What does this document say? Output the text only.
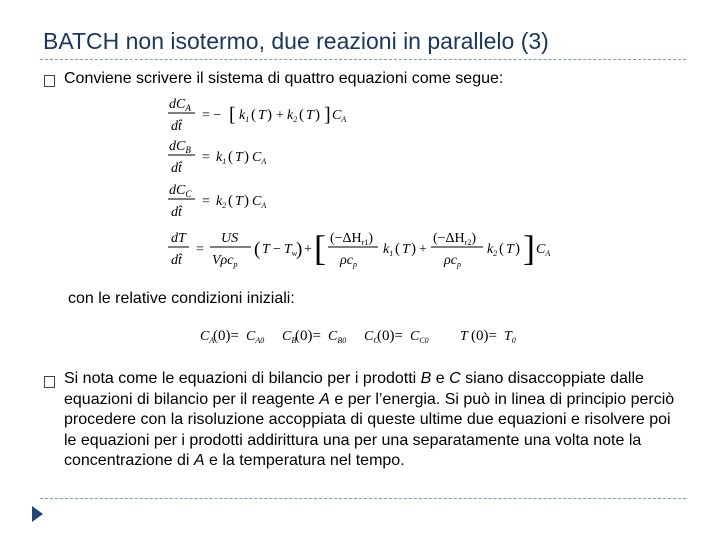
BATCH non isotermo, due reazioni in parallelo (3)
Conviene scrivere il sistema di quattro equazioni come segue:
$dC_A$
dt̂
= − [ $k_1$ ( T ) + $k_2$ ( T ) ] $C_A$
$dC_B$
dt̂
= $k_1$ ( T ) $C_A$
$dC_C$
dt̂
= $k_2$ ( T ) $C_A$
dT
dt̂
=
US
Vρc$_p$
( $T - T_w$
) + [ $(-\Delta H_{r1})$
$\rho c_p$
$k_1$ ( T ) +
$(-\Delta H_{r2})$
$\rho c_p$
$k_2$ ( T ) ] $C_A$
con le relative condizioni iniziali:
$C_A$
$(0)= C_{A0}$ $C_B$
$(0)= C_{B0}$ $C_C$
$(0)= C_{C0}$ T $(0)= T_0$
Si nota come le equazioni di bilancio per i prodotti B e C siano disaccoppiate dalle equazioni di bilancio per il reagente A e per l’energia. Si può in linea di principio perciò procedere con la risoluzione accoppiata di queste ultime due equazioni e risolvere poi le equazioni per i prodotti addirittura una per una separatamente una volta note la concentrazione di A e la temperatura nel tempo.
